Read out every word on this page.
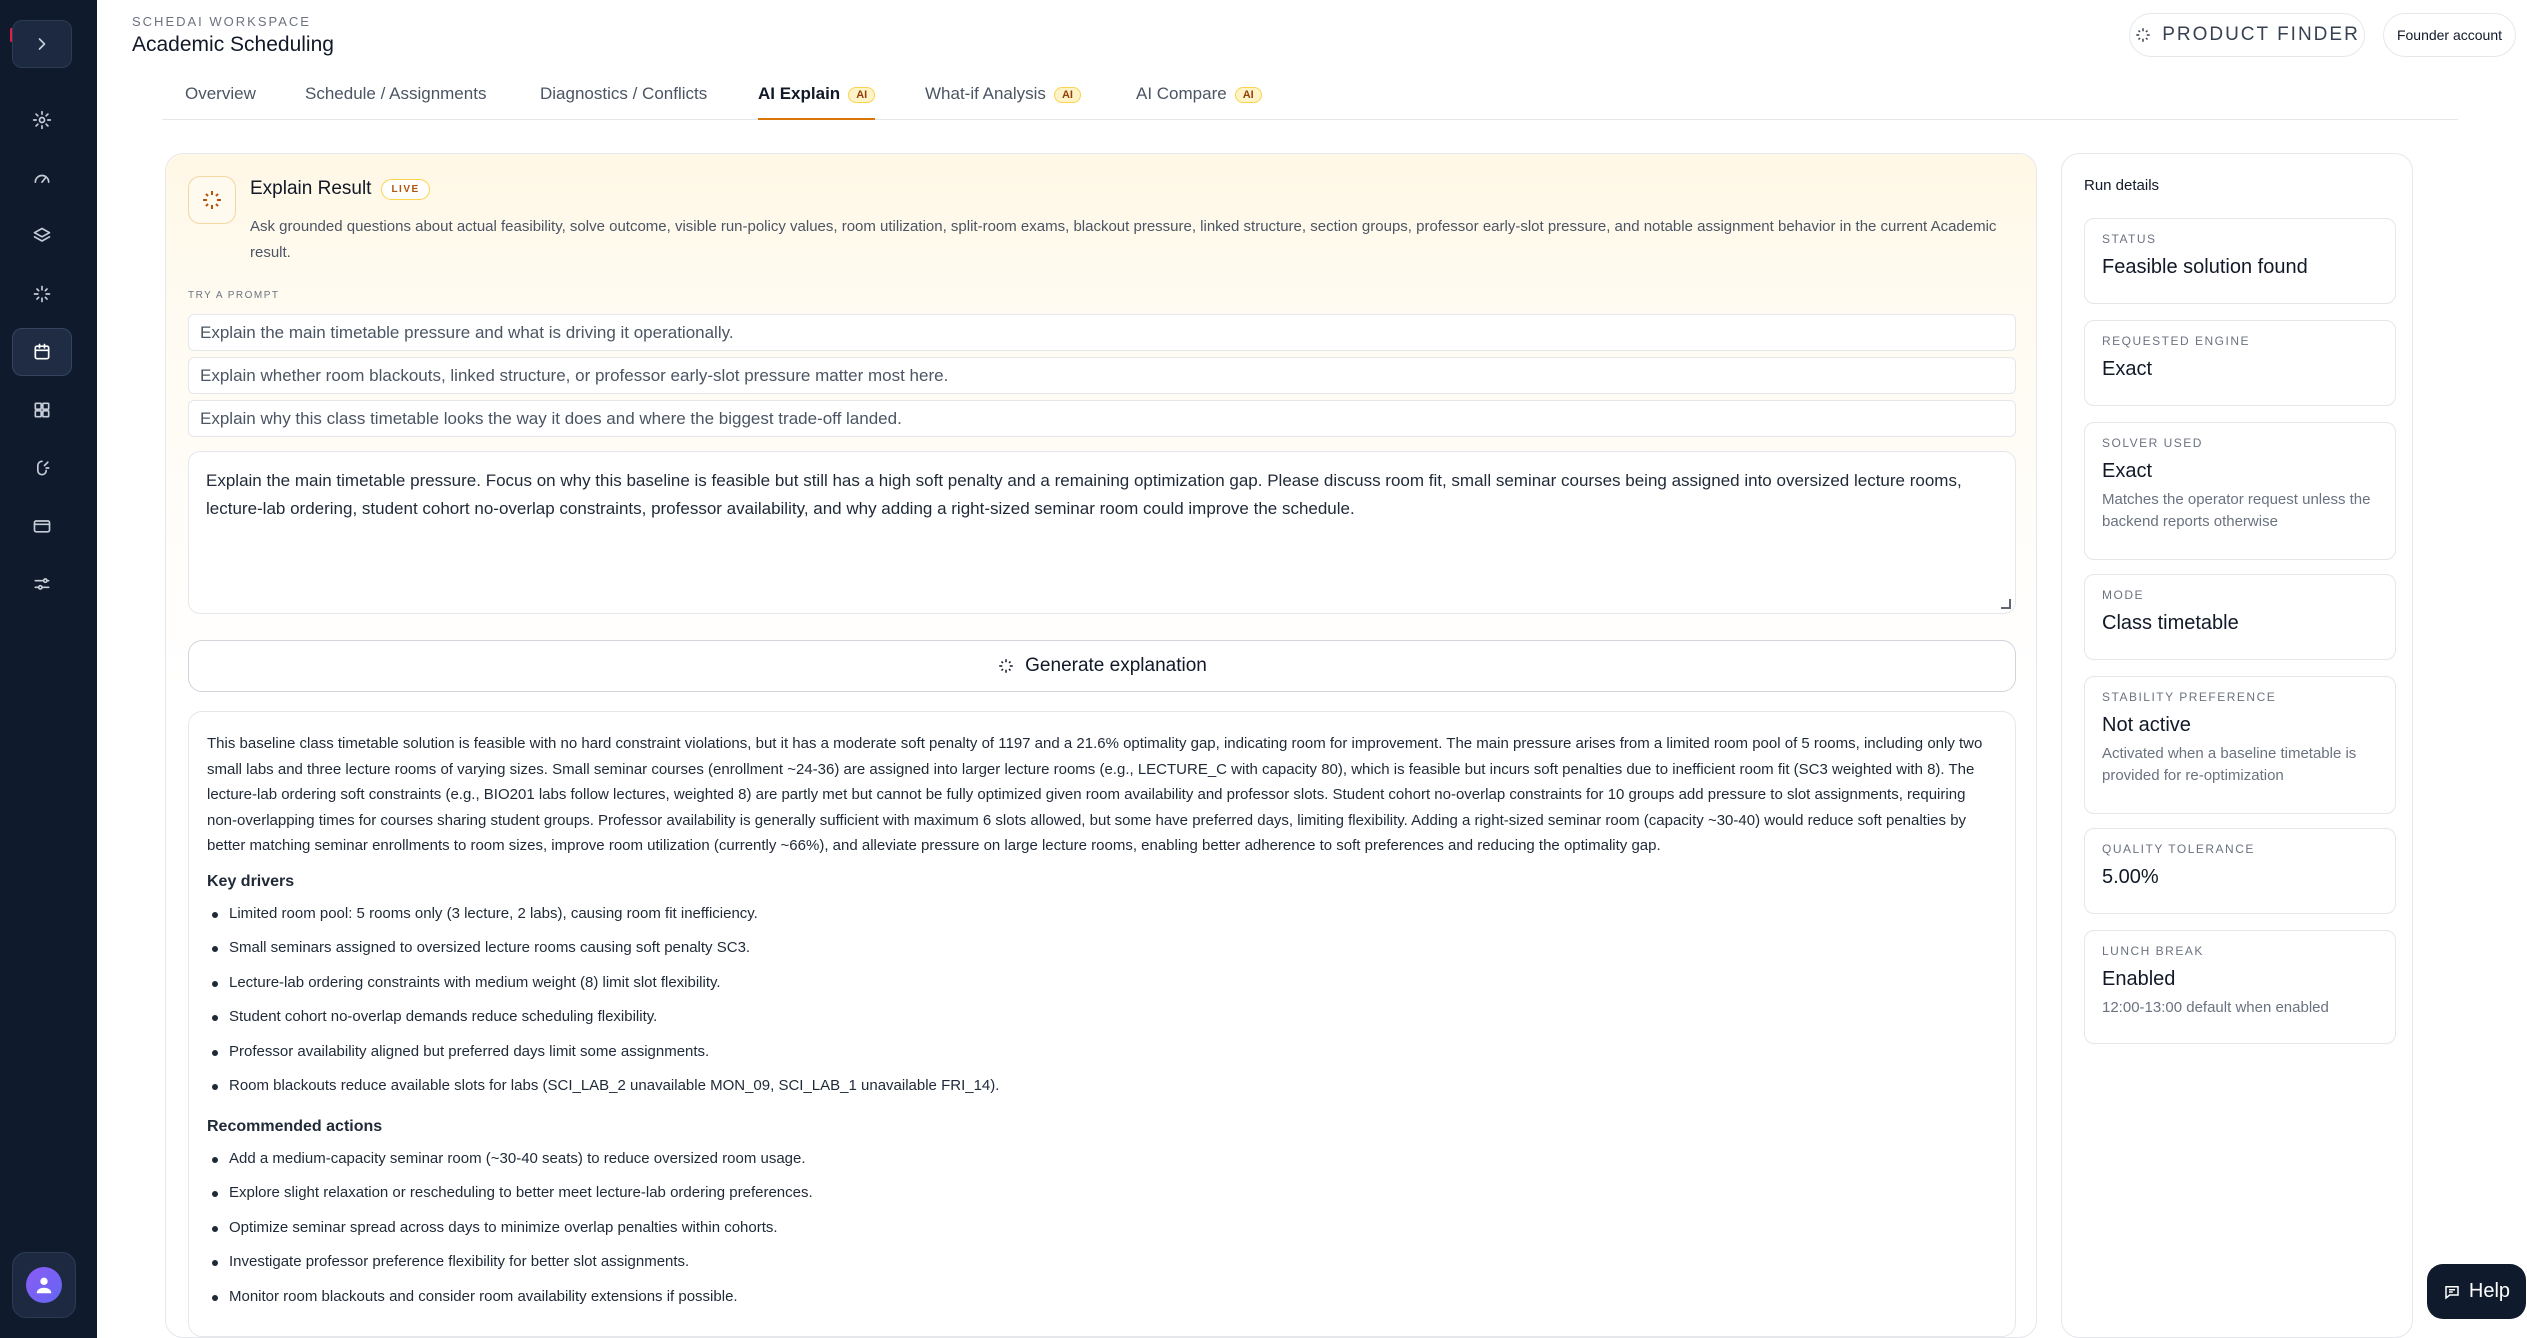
SCHEDAI WORKSPACE
Academic Scheduling	PRODUCT FINDER	Founder account
Overview	Schedule / Assignments	Diagnostics / Conflicts	AI Explain	AI	What-if Analysis	AI	AI Compare	AI
Explain Result	LIVE
Ask grounded questions about actual feasibility, solve outcome, visible run-policy values, room utilization, split-room exams, blackout pressure, linked structure, section groups, professor early-slot pressure, and notable assignment behavior in the current Academic result.
TRY A PROMPT
Explain the main timetable pressure and what is driving it operationally.
Explain whether room blackouts, linked structure, or professor early-slot pressure matter most here.
Explain why this class timetable looks the way it does and where the biggest trade-off landed.
Explain the main timetable pressure. Focus on why this baseline is feasible but still has a high soft penalty and a remaining optimization gap. Please discuss room fit, small seminar courses being assigned into oversized lecture rooms, lecture-lab ordering, student cohort no-overlap constraints, professor availability, and why adding a right-sized seminar room could improve the schedule.
Generate explanation

This baseline class timetable solution is feasible with no hard constraint violations, but it has a moderate soft penalty of 1197 and a 21.6% optimality gap, indicating room for improvement. The main pressure arises from a limited room pool of 5 rooms, including only two small labs and three lecture rooms of varying sizes. Small seminar courses (enrollment ~24-36) are assigned into larger lecture rooms (e.g., LECTURE_C with capacity 80), which is feasible but incurs soft penalties due to inefficient room fit (SC3 weighted with 8). The lecture-lab ordering soft constraints (e.g., BIO201 labs follow lectures, weighted 8) are partly met but cannot be fully optimized given room availability and professor slots. Student cohort no-overlap constraints for 10 groups add pressure to slot assignments, requiring non-overlapping times for courses sharing student groups. Professor availability is generally sufficient with maximum 6 slots allowed, but some have preferred days, limiting flexibility. Adding a right-sized seminar room (capacity ~30-40) would reduce soft penalties by better matching seminar enrollments to room sizes, improve room utilization (currently ~66%), and alleviate pressure on large lecture rooms, enabling better adherence to soft preferences and reducing the optimality gap.

Key drivers
Limited room pool: 5 rooms only (3 lecture, 2 labs), causing room fit inefficiency.
Small seminars assigned to oversized lecture rooms causing soft penalty SC3.
Lecture-lab ordering constraints with medium weight (8) limit slot flexibility.
Student cohort no-overlap demands reduce scheduling flexibility.
Professor availability aligned but preferred days limit some assignments.
Room blackouts reduce available slots for labs (SCI_LAB_2 unavailable MON_09, SCI_LAB_1 unavailable FRI_14).
Recommended actions
Add a medium-capacity seminar room (~30-40 seats) to reduce oversized room usage.
Explore slight relaxation or rescheduling to better meet lecture-lab ordering preferences.
Optimize seminar spread across days to minimize overlap penalties within cohorts.
Investigate professor preference flexibility for better slot assignments.
Monitor room blackouts and consider room availability extensions if possible.
Run details
STATUS
Feasible solution found
REQUESTED ENGINE
Exact
SOLVER USED
Exact
Matches the operator request unless the backend reports otherwise
MODE
Class timetable
STABILITY PREFERENCE
Not active
Activated when a baseline timetable is provided for re-optimization
QUALITY TOLERANCE
5.00%
LUNCH BREAK
Enabled
12:00-13:00 default when enabled
Help
